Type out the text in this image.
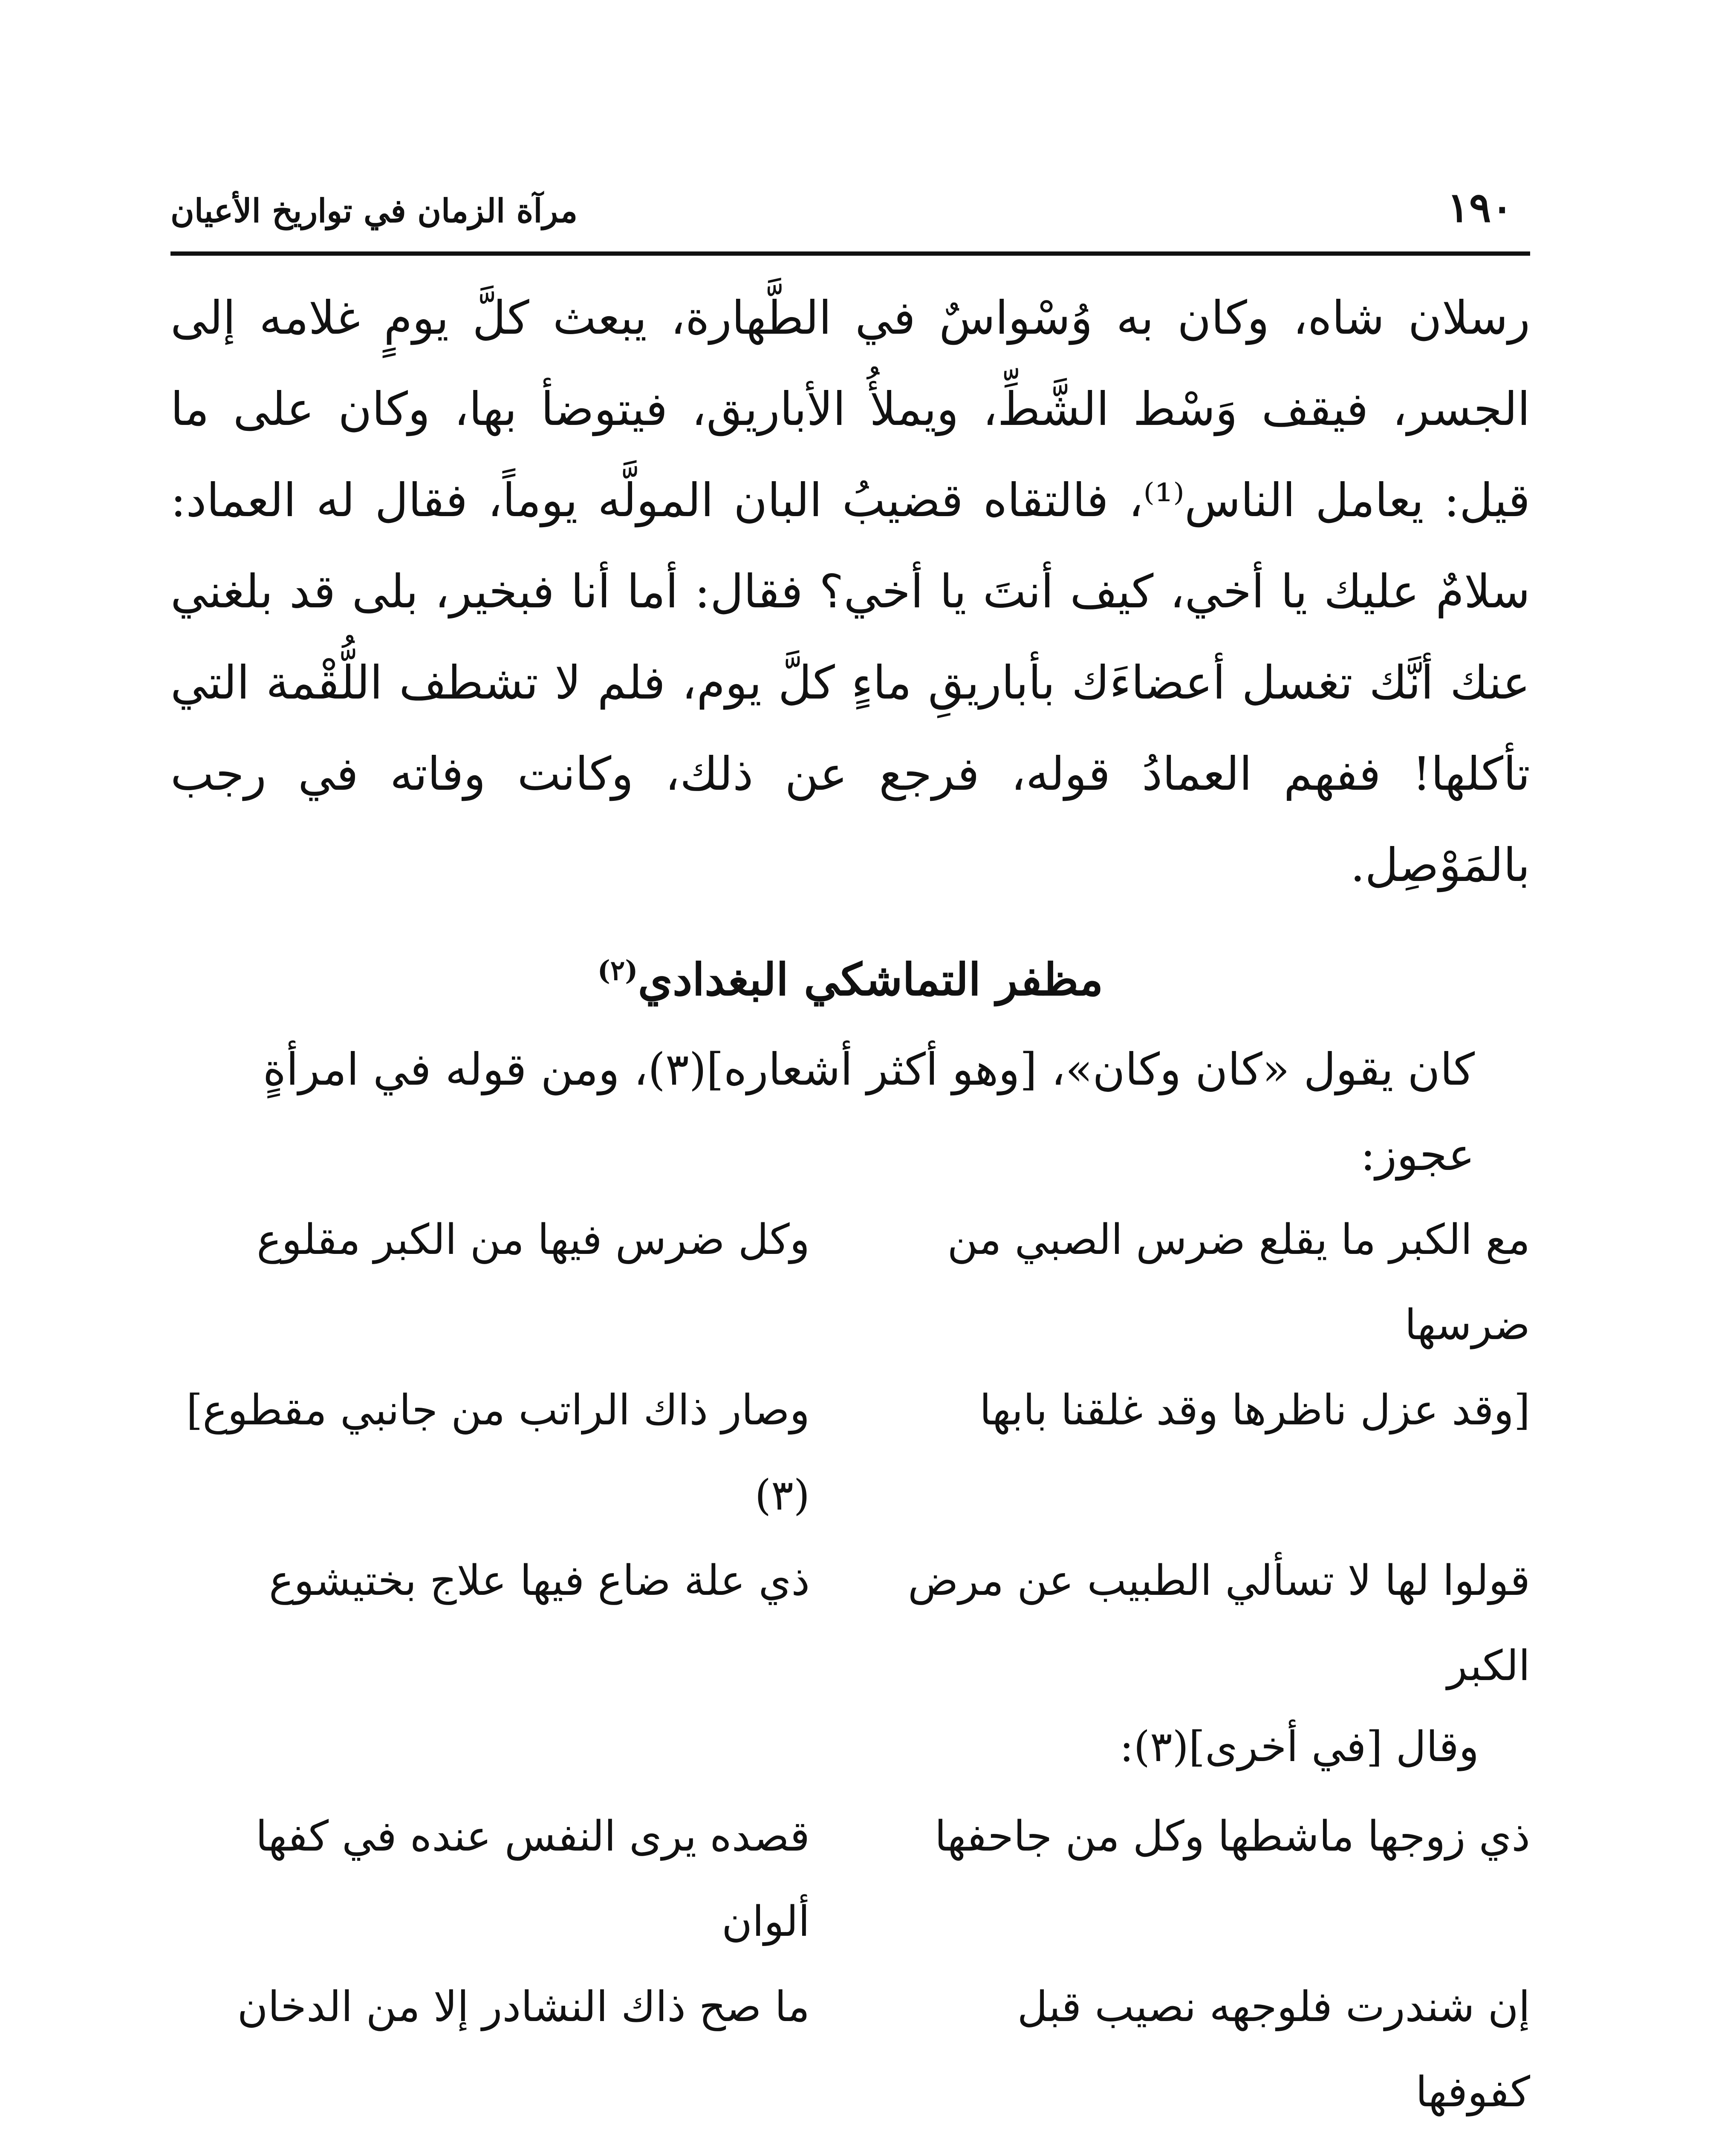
١٩٠
مرآة الزمان في تواريخ الأعيان

رسلان شاه، وكان به وُسْواسٌ في الطَّهارة، يبعث كلَّ يومٍ غلامه إلى الجسر، فيقف وَسْط الشَّطِّ، ويملأُ الأباريق، فيتوضأ بها، وكان على ما قيل: يعامل الناس⁽¹⁾، فالتقاه قضيبُ البان المولَّه يوماً، فقال له العماد: سلامٌ عليك يا أخي، كيف أنتَ يا أخي؟ فقال: أما أنا فبخير، بلى قد بلغني عنك أنَّك تغسل أعضاءَك بأباريقِ ماءٍ كلَّ يوم، فلم لا تشطف اللُّقْمة التي تأكلها! ففهم العمادُ قوله، فرجع عن ذلك، وكانت وفاته في رجب بالمَوْصِل.

مظفر التماشكي البغدادي$^{(٢)}$

كان يقول «كان وكان»، [وهو أكثر أشعاره](٣)، ومن قوله في امرأةٍ عجوز:

مع الكبر ما يقلع ضرس الصبي من ضرسها
وكل ضرس فيها من الكبر مقلوع
[وقد عزل ناظرها وقد غلقنا بابها
وصار ذاك الراتب من جانبي مقطوع](٣)
قولوا لها لا تسألي الطبيب عن مرض الكبر
ذي علة ضاع فيها علاج بختيشوع

وقال [في أخرى](٣):

ذي زوجها ماشطها وكل من جاحفها
قصده يرى النفس عنده في كفها ألوان
إن شندرت فلوجهه نصيب قبل كفوفها
ما صح ذاك النشادر إلا من الدخان
